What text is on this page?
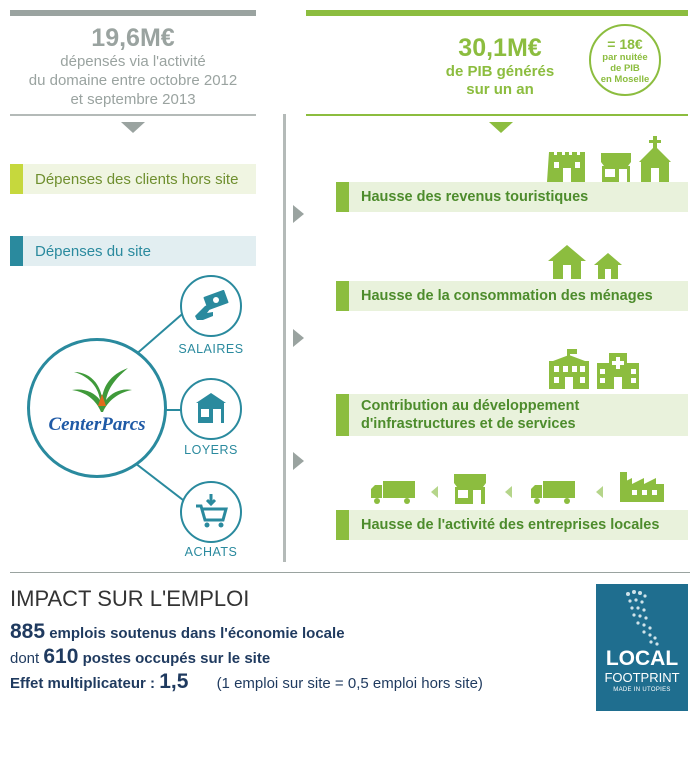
19,6M€
dépensés via l'activité
du domaine entre octobre 2012
et septembre 2013
30,1M€
de PIB générés
sur un an
= 18€
par nuitée
de PIB
en Moselle
Dépenses des clients hors site
Dépenses du site
CenterParcs
SALAIRES
LOYERS
ACHATS
Hausse des revenus touristiques
Hausse de la consommation des ménages
Contribution au développement
d'infrastructures et de services
Hausse de l'activité des entreprises locales
IMPACT SUR L'EMPLOI
885 emplois soutenus dans l'économie locale
dont 610 postes occupés sur le site
Effet multiplicateur : 1,5 (1 emploi sur site = 0,5 emploi hors site)
LOCAL
FOOTPRINT
MADE IN UTOPIES
